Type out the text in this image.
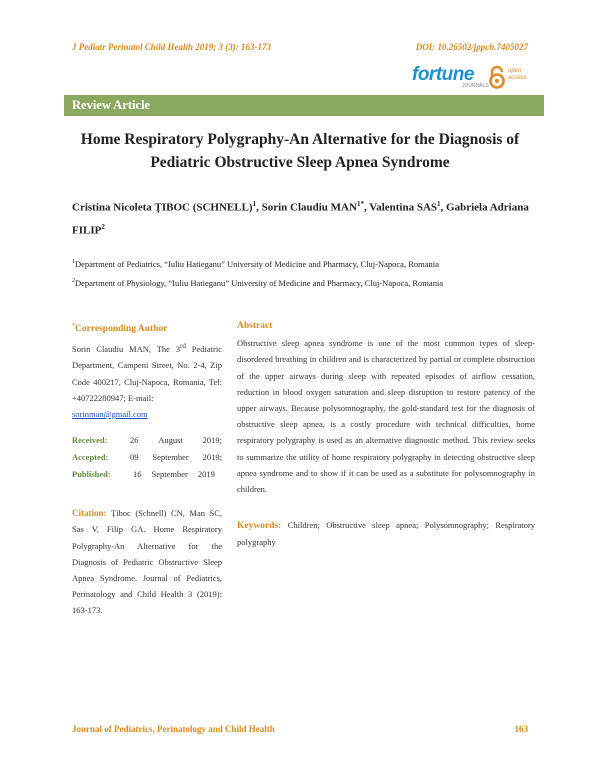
J Pediatr Perinatol Child Health 2019; 3 (3): 163-173	DOI: 10.26502/jppch.7405027
fortune
JOURNALS
open
access
Review Article
Home Respiratory Polygraphy-An Alternative for the Diagnosis of
Pediatric Obstructive Sleep Apnea Syndrome
Cristina Nicoleta ȚIBOC (SCHNELL)$^1$, Sorin Claudiu $MAN^{1*}$, Valentina SAS$^1$, Gabriela Adriana FILIP$^2$
$^1$Department of Pediatrics, “Iuliu Hatieganu” University of Medicine and Pharmacy, Cluj-Napoca, Romania
$^2$Department of Physiology, “Iuliu Hatieganu” University of Medicine and Pharmacy, Cluj-Napoca, Romania
*Corresponding Author
Sorin Claudiu MAN, The 3rd Pediatric Department, Campeni Street, No. 2-4, Zip Code 400217, Cluj-Napoca, Romania, Tel: +40722280947; E-mail:
sorinman@gmail.com
Received:	26 August 2019;
Accepted:	09 September 2019;
Published:	16 September 2019
Citation: Țiboc (Schnell) CN, Man SC, Sas V, Filip GA. Home Respiratory Polygraphy-An Alternative for the Diagnosis of Pediatric Obstructive Sleep Apnea Syndrome. Journal of Pediatrics, Perinatology and Child Health 3 (2019): 163-173.
Abstract
Obstructive sleep apnea syndrome is one of the most common types of sleep-disordered breathing in children and is characterized by partial or complete obstruction of the upper airways during sleep with repeated episodes of airflow cessation, reduction in blood oxygen saturation and sleep disruption to restore patency of the upper airways. Because polysomnography, the gold-standard test for the diagnosis of obstructive sleep apnea, is a costly procedure with technical difficulties, home respiratory polygraphy is used as an alternative diagnostic method. This review seeks to summarize the utility of home respiratory polygraphy in detecting obstructive sleep apnea syndrome and to show if it can be used as a substitute for polysomnography in children.
Keywords: Children; Obstructive sleep apnea; Polysomnography; Respiratory polygraphy
Journal of Pediatrics, Perinatology and Child Health	163
